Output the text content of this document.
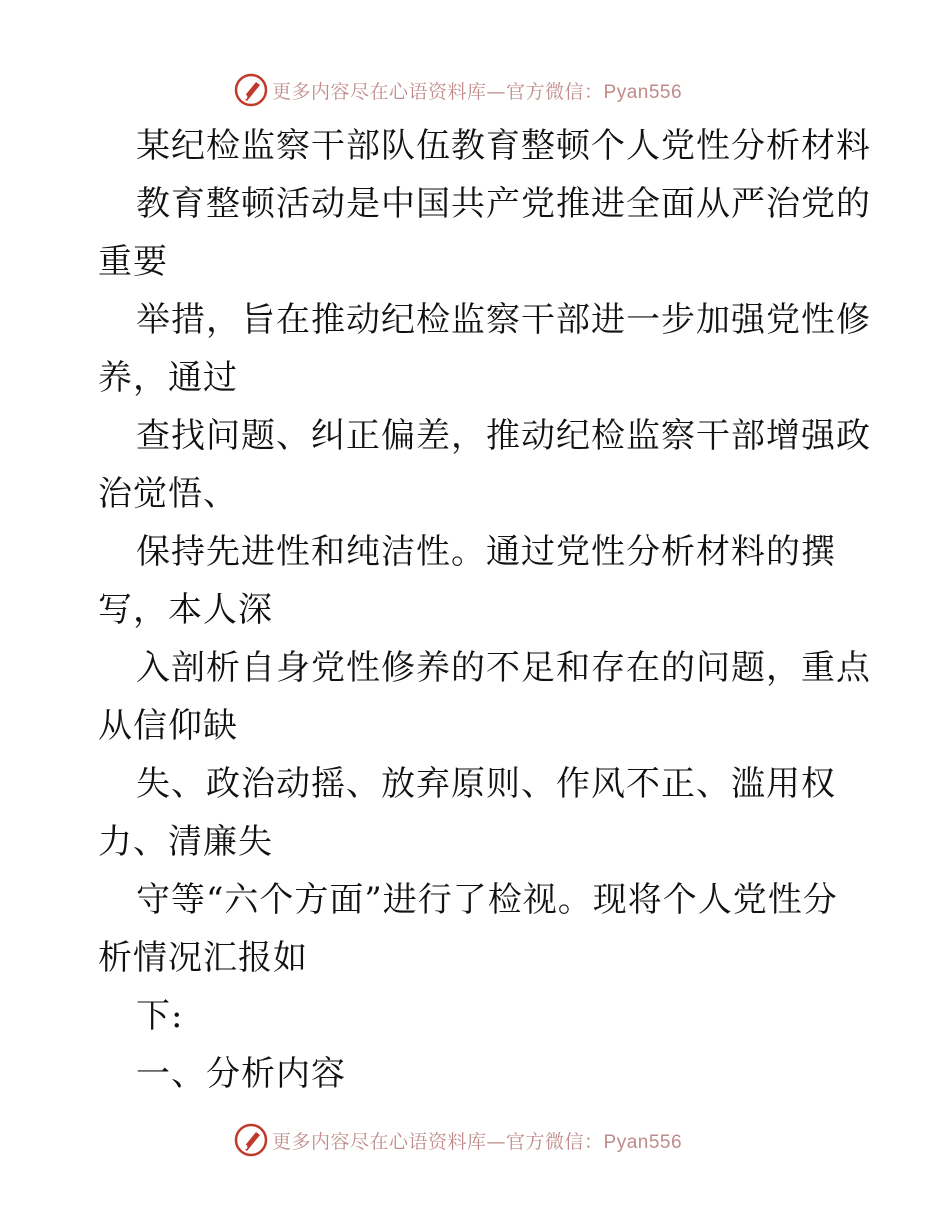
更多内容尽在心语资料库—官方微信：Pyan556
某纪检监察干部队伍教育整顿个人党性分析材料
教育整顿活动是中国共产党推进全面从严治党的
重要
举措，旨在推动纪检监察干部进一步加强党性修
养，通过
查找问题、纠正偏差，推动纪检监察干部增强政
治觉悟、
保持先进性和纯洁性。通过党性分析材料的撰
写，本人深
入剖析自身党性修养的不足和存在的问题，重点
从信仰缺
失、政治动摇、放弃原则、作风不正、滥用权
力、清廉失
守等“六个方面”进行了检视。现将个人党性分
析情况汇报如
下:
一、分析内容
更多内容尽在心语资料库—官方微信：Pyan556
